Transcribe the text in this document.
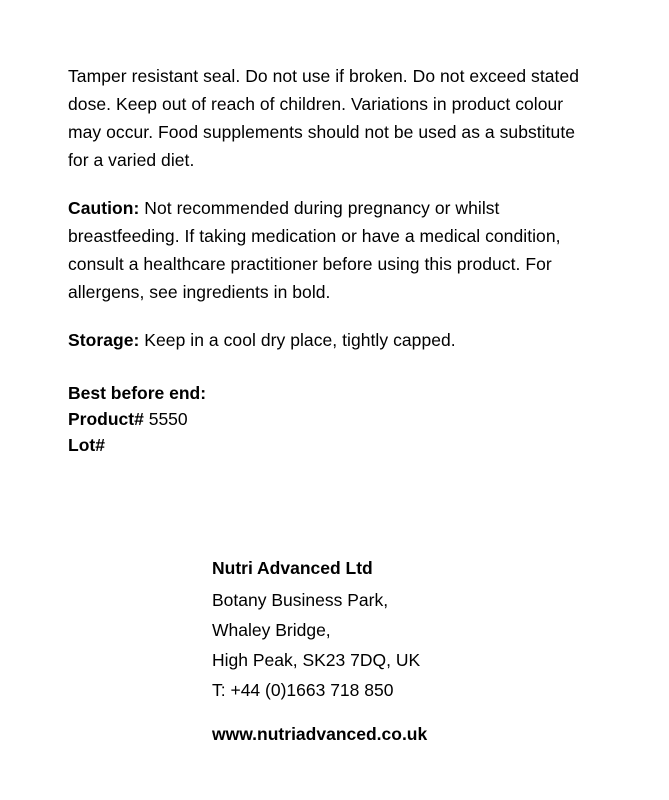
Tamper resistant seal. Do not use if broken. Do not exceed stated dose. Keep out of reach of children. Variations in product colour may occur. Food supplements should not be used as a substitute for a varied diet.

Caution: Not recommended during pregnancy or whilst breastfeeding. If taking medication or have a medical condition, consult a healthcare practitioner before using this product. For allergens, see ingredients in bold.

Storage: Keep in a cool dry place, tightly capped.

Best before end:
Product# 5550
Lot#
Nutri Advanced Ltd
Botany Business Park,
Whaley Bridge,
High Peak, SK23 7DQ, UK
T: +44 (0)1663 718 850
www.nutriadvanced.co.uk
